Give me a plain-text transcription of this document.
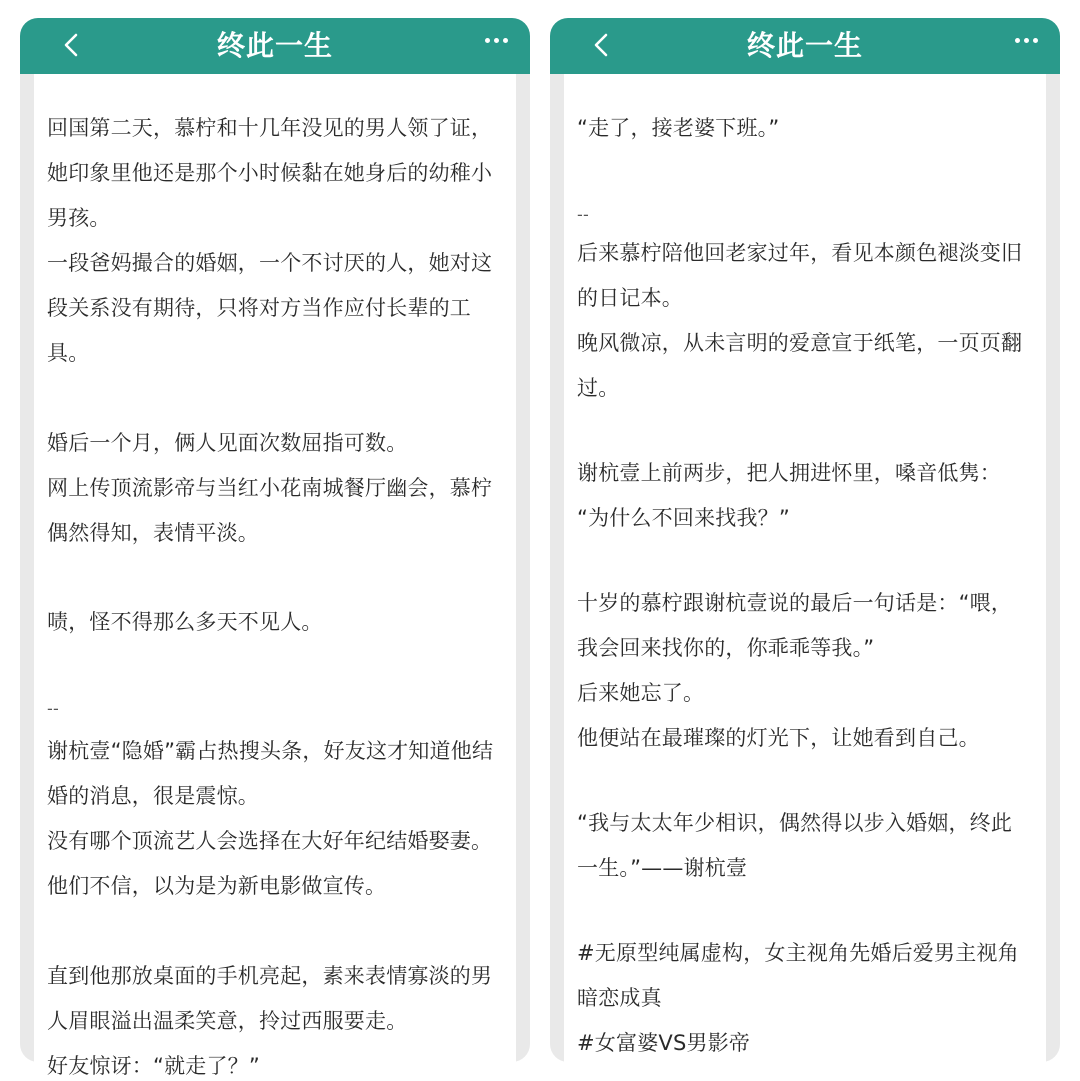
终此一生
回国第二天，慕柠和十几年没见的男人领了证，
她印象里他还是那个小时候黏在她身后的幼稚小
男孩。
一段爸妈撮合的婚姻，一个不讨厌的人，她对这
段关系没有期待，只将对方当作应付长辈的工
具。
婚后一个月，俩人见面次数屈指可数。
网上传顶流影帝与当红小花南城餐厅幽会，慕柠
偶然得知，表情平淡。
啧，怪不得那么多天不见人。
--
谢杭壹“隐婚”霸占热搜头条，好友这才知道他结
婚的消息，很是震惊。
没有哪个顶流艺人会选择在大好年纪结婚娶妻。
他们不信，以为是为新电影做宣传。
直到他那放桌面的手机亮起，素来表情寡淡的男
人眉眼溢出温柔笑意，拎过西服要走。
好友惊讶：“就走了？”
终此一生
“走了，接老婆下班。”
--
后来慕柠陪他回老家过年，看见本颜色褪淡变旧
的日记本。
晚风微凉，从未言明的爱意宣于纸笔，一页页翻
过。
谢杭壹上前两步，把人拥进怀里，嗓音低隽：
“为什么不回来找我？”
十岁的慕柠跟谢杭壹说的最后一句话是：“喂，
我会回来找你的，你乖乖等我。”
后来她忘了。
他便站在最璀璨的灯光下，让她看到自己。
“我与太太年少相识，偶然得以步入婚姻，终此
一生。”——谢杭壹
#无原型纯属虚构，女主视角先婚后爱男主视角
暗恋成真
#女富婆VS男影帝
